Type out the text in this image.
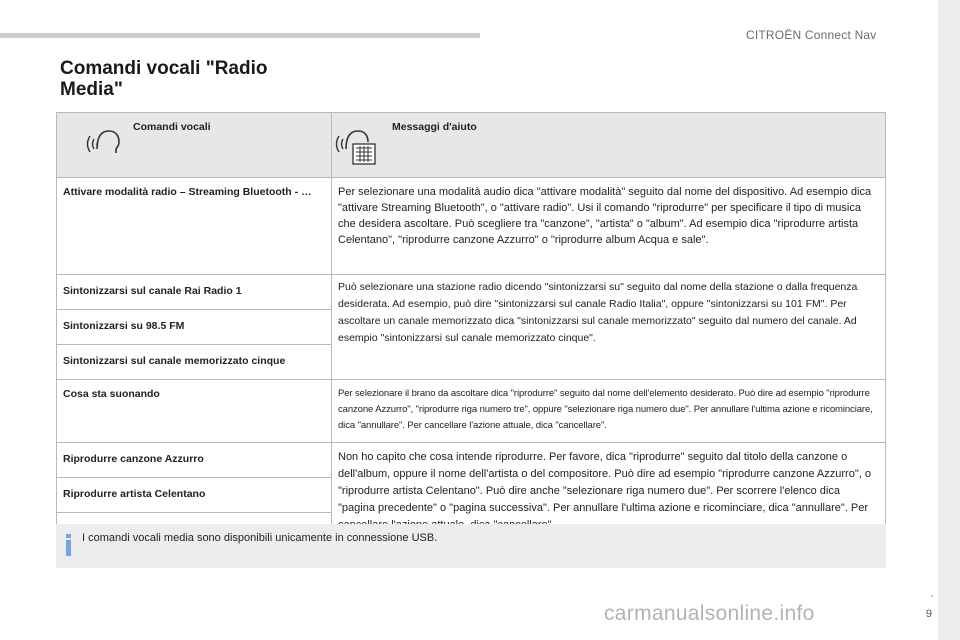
CITROËN Connect Nav
.
9
Comandi vocali "Radio Media"
Comandi vocali	Messaggi d'aiuto

Attivare modalità radio – Streaming Bluetooth - …	Per selezionare una modalità audio dica "attivare modalità" seguito dal nome del dispositivo. Ad esempio dica "attivare Streaming Bluetooth", o "attivare radio". Usi il comando "riprodurre" per specificare il tipo di musica che desidera ascoltare. Può scegliere tra "canzone", "artista" o "album". Ad esempio dica "riprodurre artista Celentano", "riprodurre canzone Azzurro" o "riprodurre album Acqua e sale".
Sintonizzarsi sul canale Rai Radio 1	Può selezionare una stazione radio dicendo "sintonizzarsi su" seguito dal nome della stazione o dalla frequenza desiderata. Ad esempio, può dire "sintonizzarsi sul canale Radio Italia", oppure "sintonizzarsi su 101 FM". Per ascoltare un canale memorizzato dica "sintonizzarsi sul canale memorizzato" seguito dal numero del canale. Ad esempio "sintonizzarsi sul canale memorizzato cinque".
Sintonizzarsi su 98.5 FM	
Sintonizzarsi sul canale memorizzato cinque	
Cosa sta suonando	Per selezionare il brano da ascoltare dica "riprodurre" seguito dal nome dell'elemento desiderato. Può dire ad esempio "riprodurre canzone Azzurro", "riprodurre riga numero tre", oppure "selezionare riga numero due". Per annullare l'ultima azione e ricominciare, dica "annullare". Per cancellare l'azione attuale, dica "cancellare".
Riprodurre canzone Azzurro	Non ho capito che cosa intende riprodurre. Per favore, dica "riprodurre" seguito dal titolo della canzone o dell'album, oppure il nome dell'artista o del compositore. Può dire ad esempio "riprodurre canzone Azzurro", o "riprodurre artista Celentano". Può dire anche "selezionare riga numero due". Per scorrere l'elenco dica "pagina precedente" o "pagina successiva". Per annullare l'ultima azione e ricominciare, dica "annullare". Per
Riprodurre artista Celentano	

I comandi vocali media sono disponibili unicamente in connessione USB.
carmanualsonline.info
